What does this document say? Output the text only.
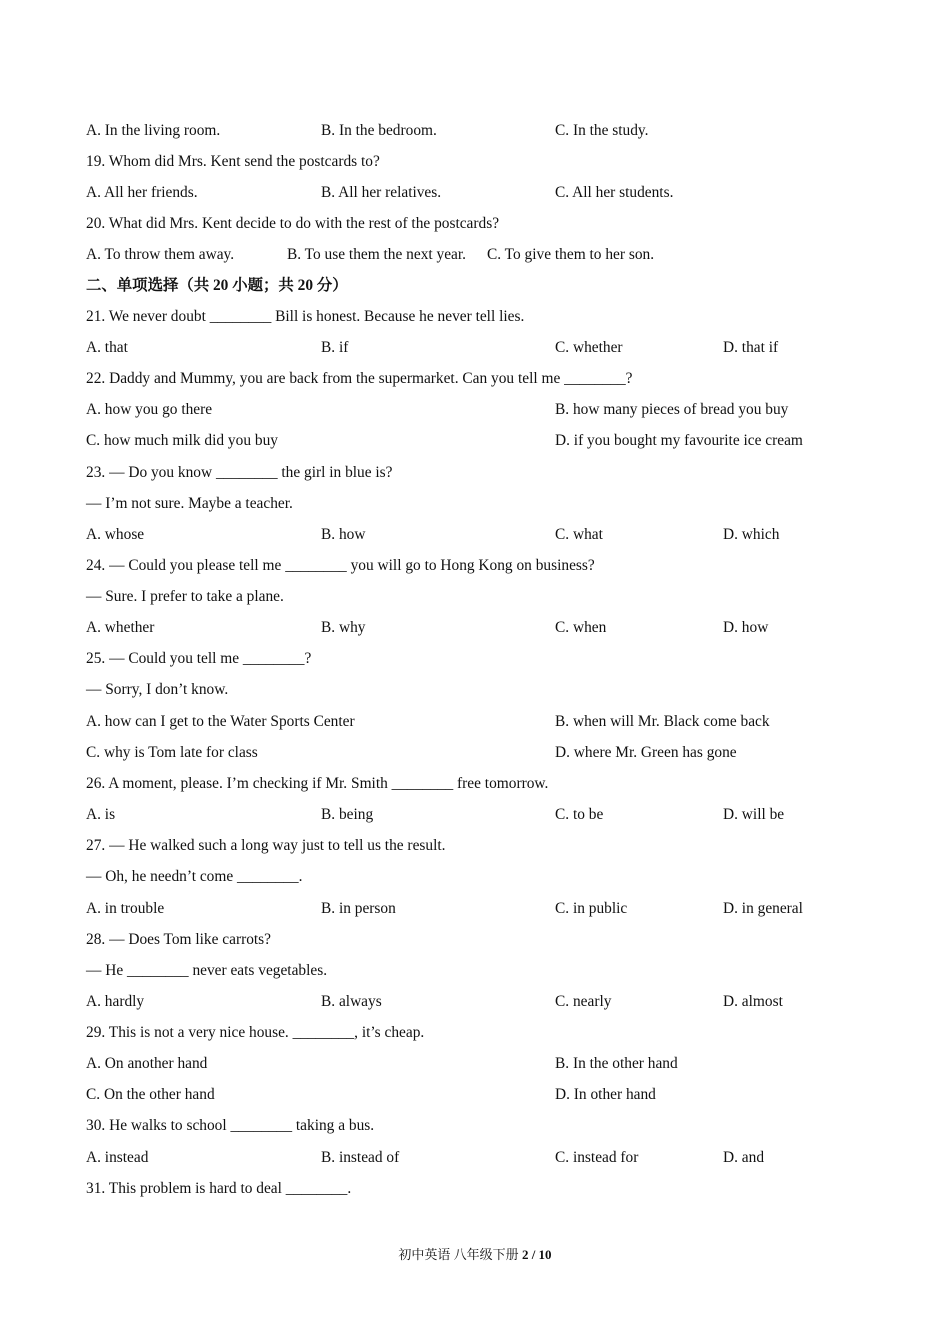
A. In the living room.	B. In the bedroom.	C. In the study.
19. Whom did Mrs. Kent send the postcards to?
A. All her friends.	B. All her relatives.	C. All her students.
20. What did Mrs. Kent decide to do with the rest of the postcards?
A. To throw them away.	B. To use them the next year. C. To give them to her son.
二、单项选择（共 20 小题；共 20 分）
21. We never doubt ________ Bill is honest. Because he never tell lies.
A. that	B. if	C. whether	D. that if
22. Daddy and Mummy, you are back from the supermarket. Can you tell me ________?
A. how you go there	B. how many pieces of bread you buy
C. how much milk did you buy	D. if you bought my favourite ice cream
23. — Do you know ________ the girl in blue is?
— I’m not sure. Maybe a teacher.
A. whose	B. how	C. what	D. which
24. — Could you please tell me ________ you will go to Hong Kong on business?
— Sure. I prefer to take a plane.
A. whether	B. why	C. when	D. how
25. — Could you tell me ________?
— Sorry, I don’t know.
A. how can I get to the Water Sports Center	B. when will Mr. Black come back
C. why is Tom late for class	D. where Mr. Green has gone
26. A moment, please. I’m checking if Mr. Smith ________ free tomorrow.
A. is	B. being	C. to be	D. will be
27. — He walked such a long way just to tell us the result.
— Oh, he needn’t come ________.
A. in trouble	B. in person	C. in public	D. in general
28. — Does Tom like carrots?
— He ________ never eats vegetables.
A. hardly	B. always	C. nearly	D. almost
29. This is not a very nice house. ________, it’s cheap.
A. On another hand	B. In the other hand
C. On the other hand	D. In other hand
30. He walks to school ________ taking a bus.
A. instead	B. instead of	C. instead for	D. and
31. This problem is hard to deal ________.
初中英语 八年级下册 2 / 10
